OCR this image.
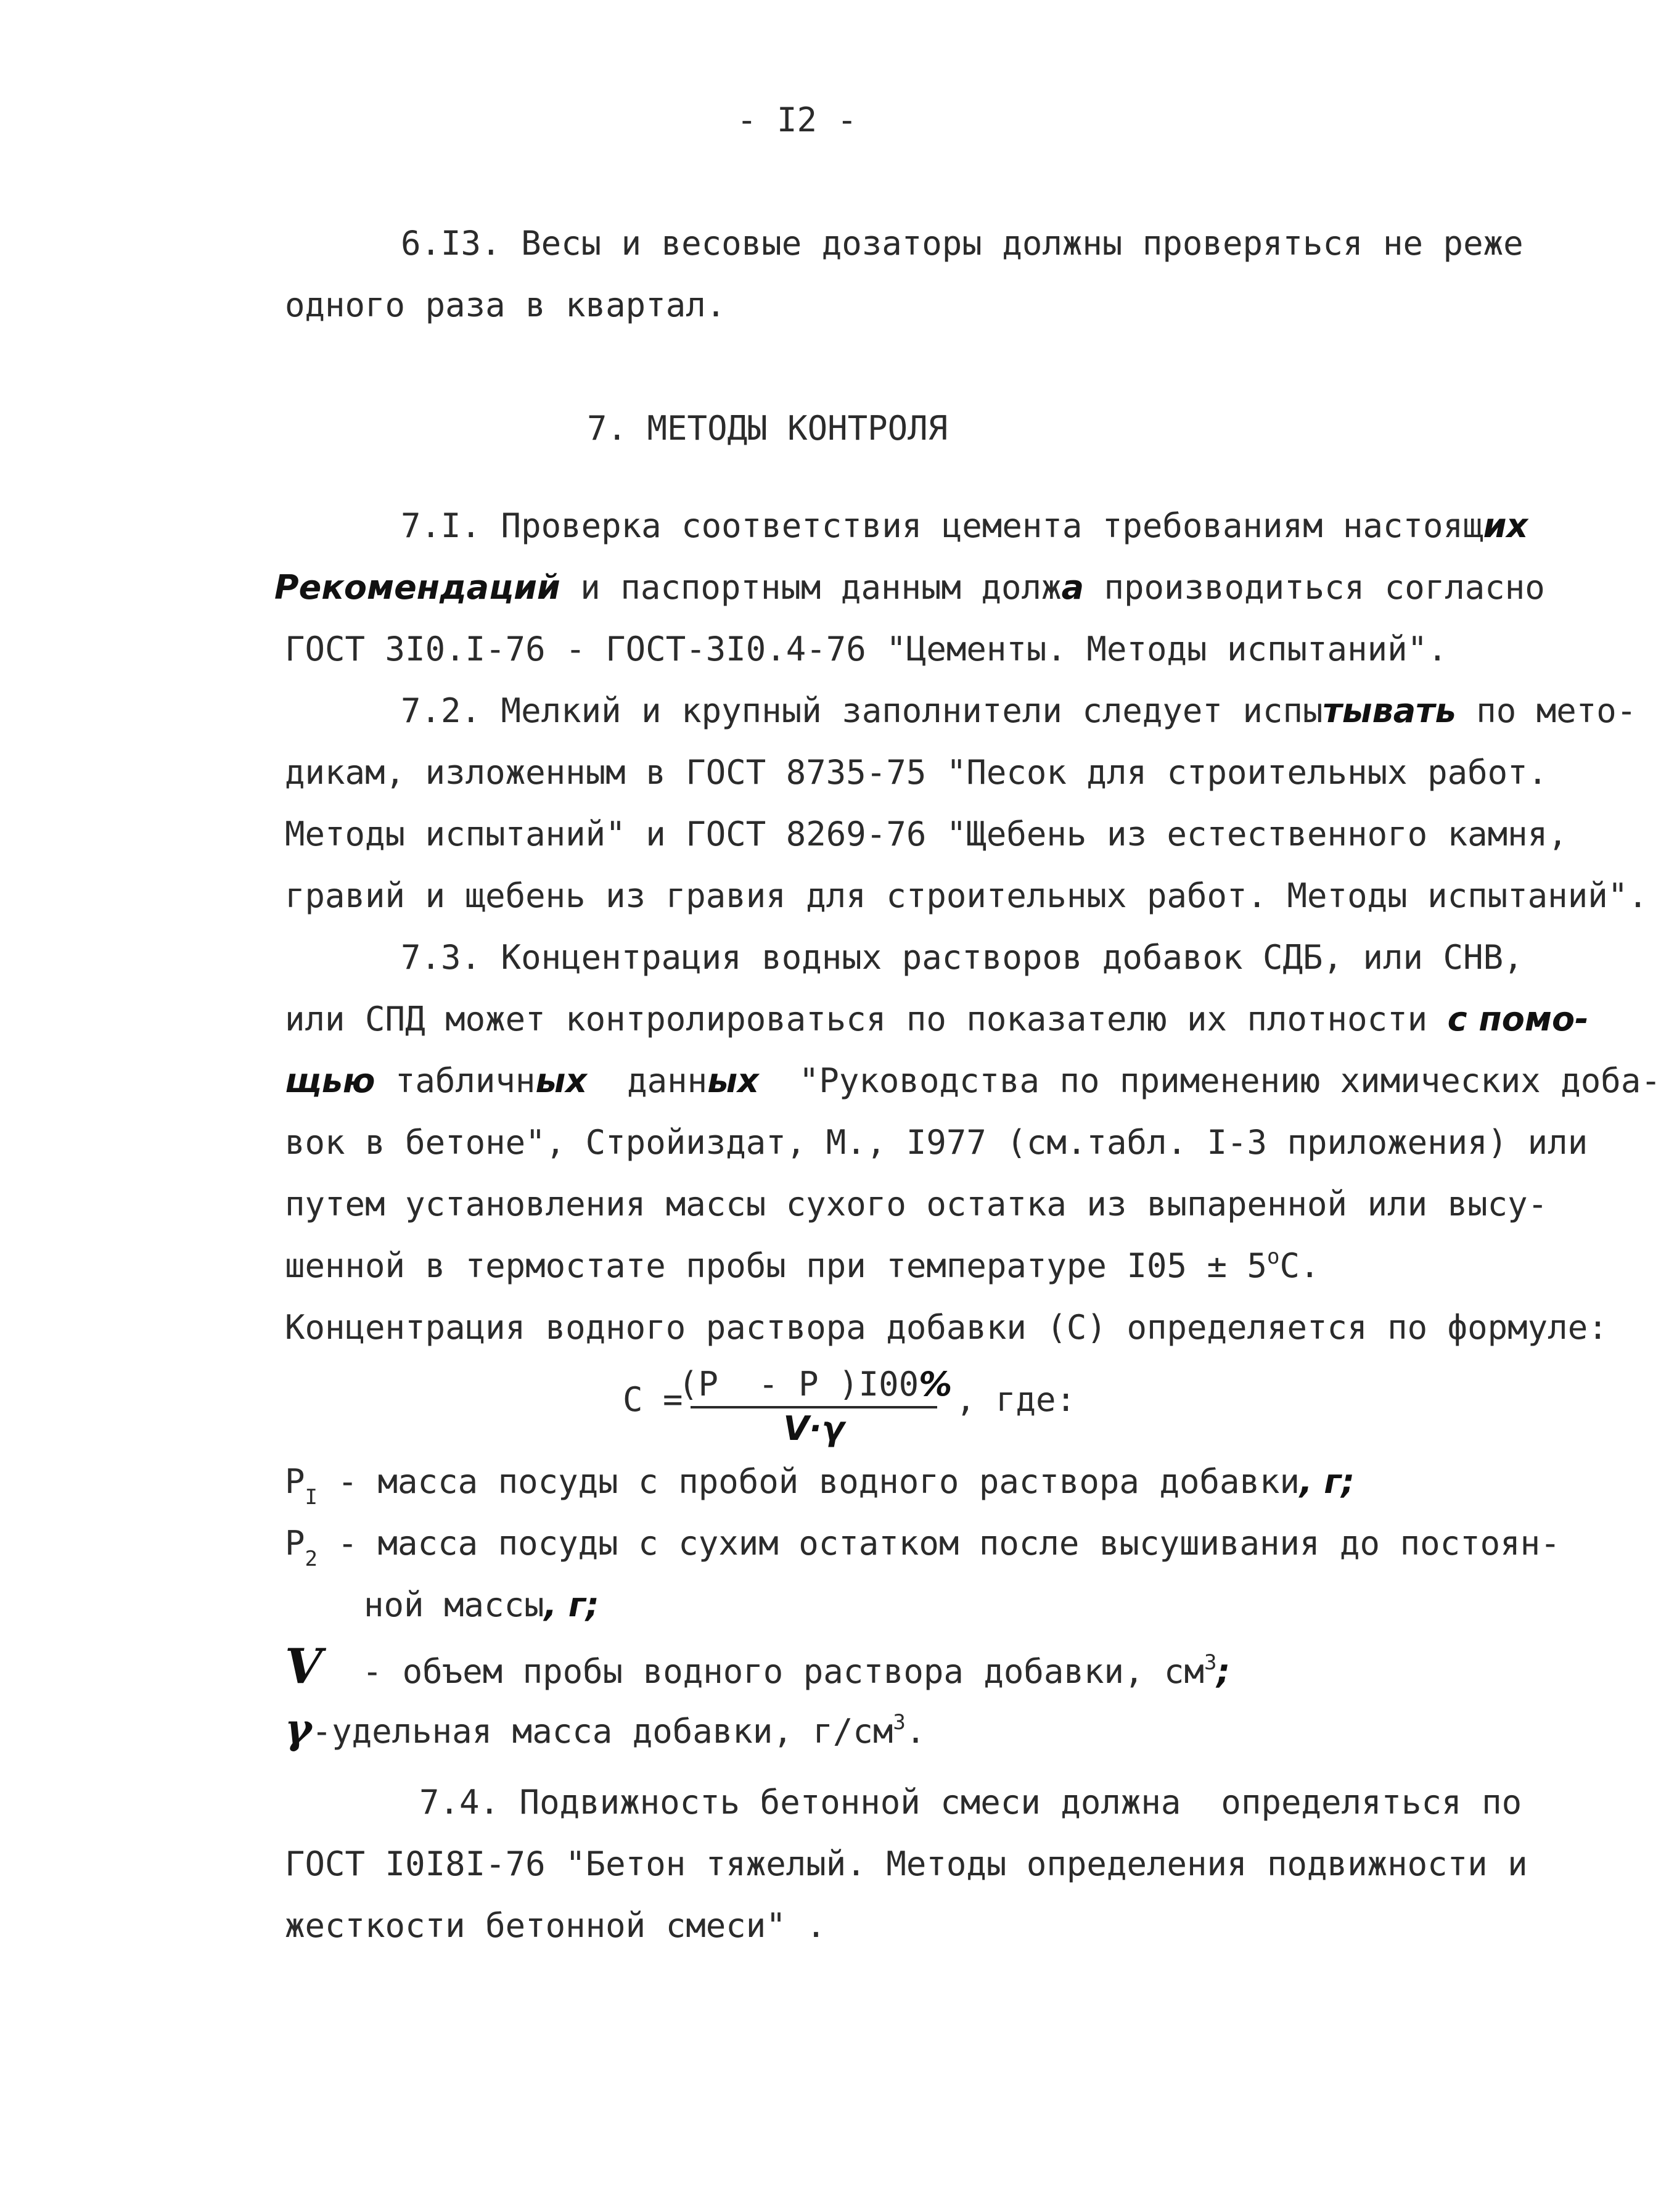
- I2 -
6.I3. Весы и весовые дозаторы должны проверяться не реже
одного раза в квартал.
7. МЕТОДЫ КОНТРОЛЯ
7.I. Проверка соответствия цемента требованиям настоящих
Рекомендаций и паспортным данным должа производиться согласно
ГОСТ 3I0.I-76 - ГОСТ-3I0.4-76 "Цементы. Методы испытаний".
7.2. Мелкий и крупный заполнители следует испытывать по мето-
дикам, изложенным в ГОСТ 8735-75 "Песок для строительных работ.
Методы испытаний" и ГОСТ 8269-76 "Щебень из естественного камня,
гравий и щебень из гравия для строительных работ. Методы испытаний".
7.3. Концентрация водных растворов добавок СДБ, или СНВ,
или СПД может контролироваться по показателю их плотности с помо-
щью табличных  данных  "Руководства по применению химических доба-
вок в бетоне", Стройиздат, М., I977 (см.табл. I-3 приложения) или
путем установления массы сухого остатка из выпаренной или высу-
шенной в термостате пробы при температуре $I05 \pm 5^оС$.
Концентрация водного раствора добавки (С) определяется по формуле:
С =
(Р  - Р )I00%
V·γ
, где:
$Р_I$ - масса посуды с пробой водного раствора добавки, г;
$Р_2$ - масса посуды с сухим остатком после высушивания до постоян-
ной массы, г;
V  - объем пробы водного раствора добавки, $см^3$;
γ-удельная масса добавки, $г/см^3$.
7.4. Подвижность бетонной смеси должна  определяться по
ГОСТ I0I8I-76 "Бетон тяжелый. Методы определения подвижности и
жесткости бетонной смеси" .
